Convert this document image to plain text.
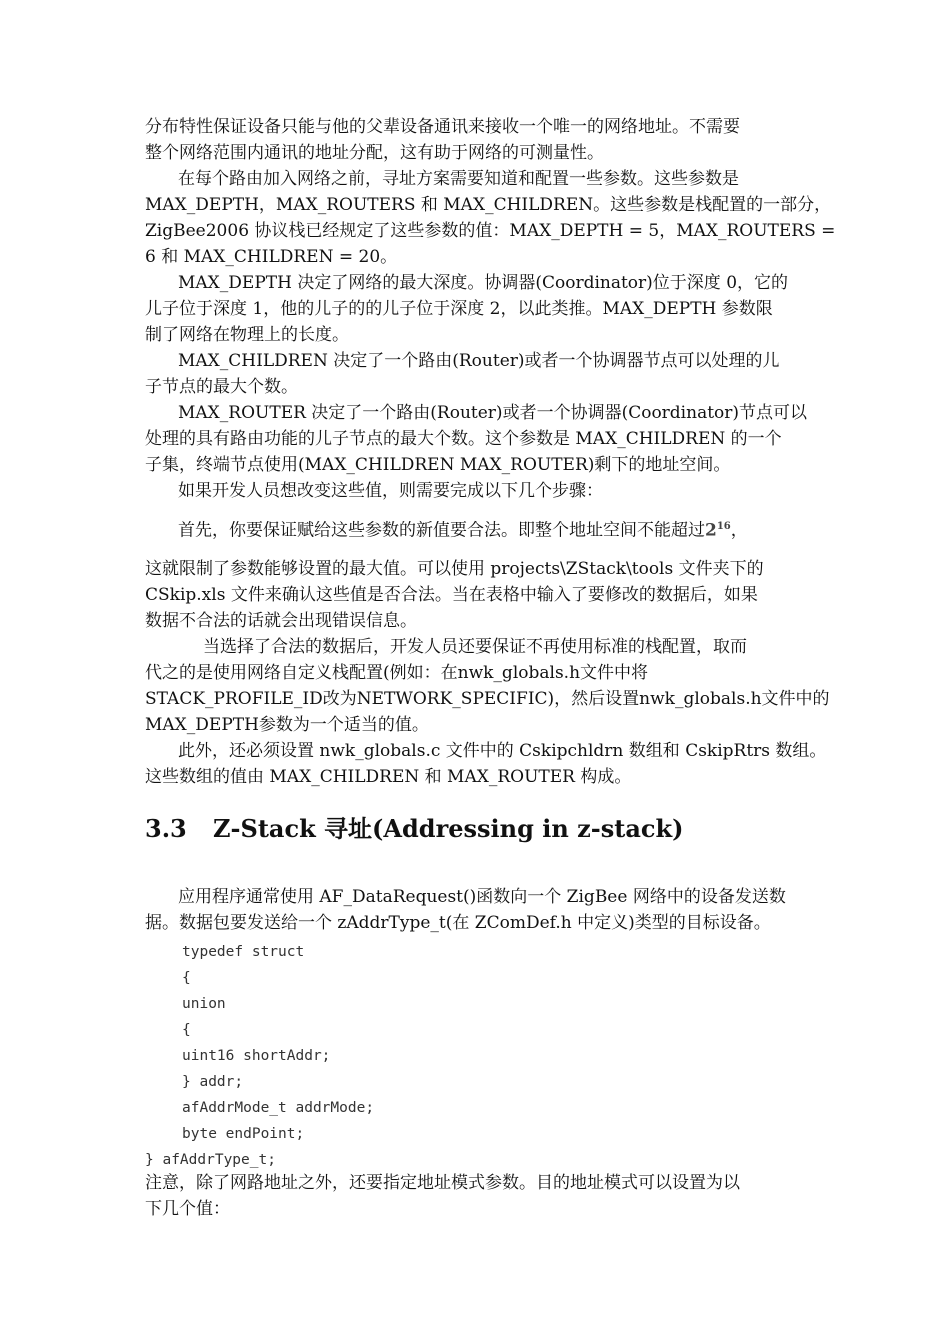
分布特性保证设备只能与他的父辈设备通讯来接收一个唯一的网络地址。不需要
整个网络范围内通讯的地址分配，这有助于网络的可测量性。
在每个路由加入网络之前，寻址方案需要知道和配置一些参数。这些参数是
MAX_DEPTH，MAX_ROUTERS 和 MAX_CHILDREN。这些参数是栈配置的一部分，
ZigBee2006 协议栈已经规定了这些参数的值：MAX_DEPTH = 5，MAX_ROUTERS =
6 和 MAX_CHILDREN = 20。
MAX_DEPTH 决定了网络的最大深度。协调器(Coordinator)位于深度 0，它的
儿子位于深度 1，他的儿子的的儿子位于深度 2，以此类推。MAX_DEPTH 参数限
制了网络在物理上的长度。
MAX_CHILDREN 决定了一个路由(Router)或者一个协调器节点可以处理的儿
子节点的最大个数。
MAX_ROUTER 决定了一个路由(Router)或者一个协调器(Coordinator)节点可以
处理的具有路由功能的儿子节点的最大个数。这个参数是 MAX_CHILDREN 的一个
子集，终端节点使用(MAX_CHILDREN MAX_ROUTER)剩下的地址空间。
如果开发人员想改变这些值，则需要完成以下几个步骤：
首先，你要保证赋给这些参数的新值要合法。即整个地址空间不能超过$2^{16}$，
这就限制了参数能够设置的最大值。可以使用 projects\ZStack\tools 文件夹下的
CSkip.xls 文件来确认这些值是否合法。当在表格中输入了要修改的数据后，如果
数据不合法的话就会出现错误信息。
当选择了合法的数据后，开发人员还要保证不再使用标准的栈配置，取而
代之的是使用网络自定义栈配置(例如：在nwk_globals.h文件中将
STACK_PROFILE_ID改为NETWORK_SPECIFIC)，然后设置nwk_globals.h文件中的
MAX_DEPTH参数为一个适当的值。
此外，还必须设置 nwk_globals.c 文件中的 Cskipchldrn 数组和 CskipRtrs 数组。
这些数组的值由 MAX_CHILDREN 和 MAX_ROUTER 构成。
3.3 Z-Stack 寻址(Addressing in z-stack)
应用程序通常使用 AF_DataRequest()函数向一个 ZigBee 网络中的设备发送数
据。数据包要发送给一个 zAddrType_t(在 ZComDef.h 中定义)类型的目标设备。
typedef struct
{
union
{
uint16 shortAddr;
} addr;
afAddrMode_t addrMode;
byte endPoint;
} afAddrType_t;
注意，除了网路地址之外，还要指定地址模式参数。目的地址模式可以设置为以
下几个值：
